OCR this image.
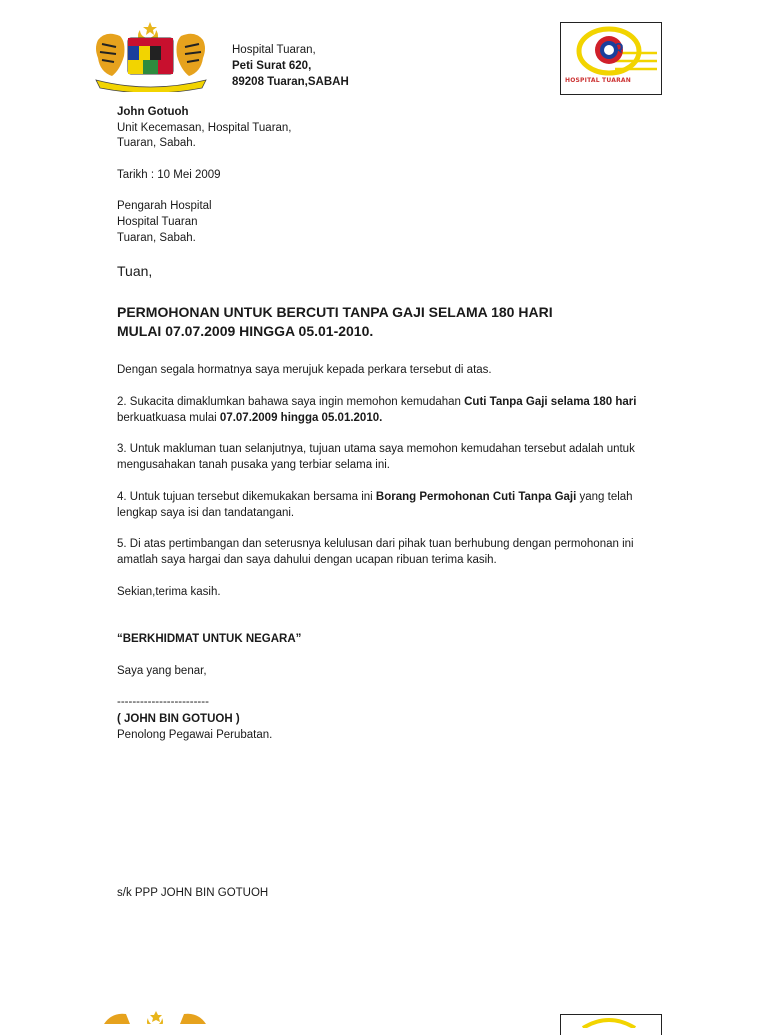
Hospital Tuaran,

Peti Surat 620,

89208 Tuaran,SABAH

Q
HOSPITAL TUARAN

John Gotuoh

Unit Kecemasan, Hospital Tuaran,

Tuaran, Sabah.

Tarikh : 10 Mei 2009

Pengarah Hospital

Hospital Tuaran

Tuaran, Sabah.

Tuan,

PERMOHONAN UNTUK BERCUTI TANPA GAJI SELAMA 180 HARI

MULAI 07.07.2009 HINGGA 05.01-2010.

Dengan segala hormatnya saya merujuk kepada perkara tersebut di atas.

2. Sukacita dimaklumkan bahawa saya ingin memohon kemudahan Cuti Tanpa Gaji selama 180 hari berkuatkuasa mulai 07.07.2009 hingga 05.01.2010.

3. Untuk makluman tuan selanjutnya, tujuan utama saya memohon kemudahan tersebut adalah untuk mengusahakan tanah pusaka yang terbiar selama ini.

4. Untuk tujuan tersebut dikemukakan bersama ini Borang Permohonan Cuti Tanpa Gaji yang telah lengkap saya isi dan tandatangani.

5. Di atas pertimbangan dan seterusnya kelulusan dari pihak tuan berhubung dengan permohonan ini amatlah saya hargai dan saya dahului dengan ucapan ribuan terima kasih.

Sekian,terima kasih.

“BERKHIDMAT UNTUK NEGARA”

Saya yang benar,

------------------------

( JOHN BIN GOTUOH )

Penolong Pegawai Perubatan.

s/k PPP JOHN BIN GOTUOH
